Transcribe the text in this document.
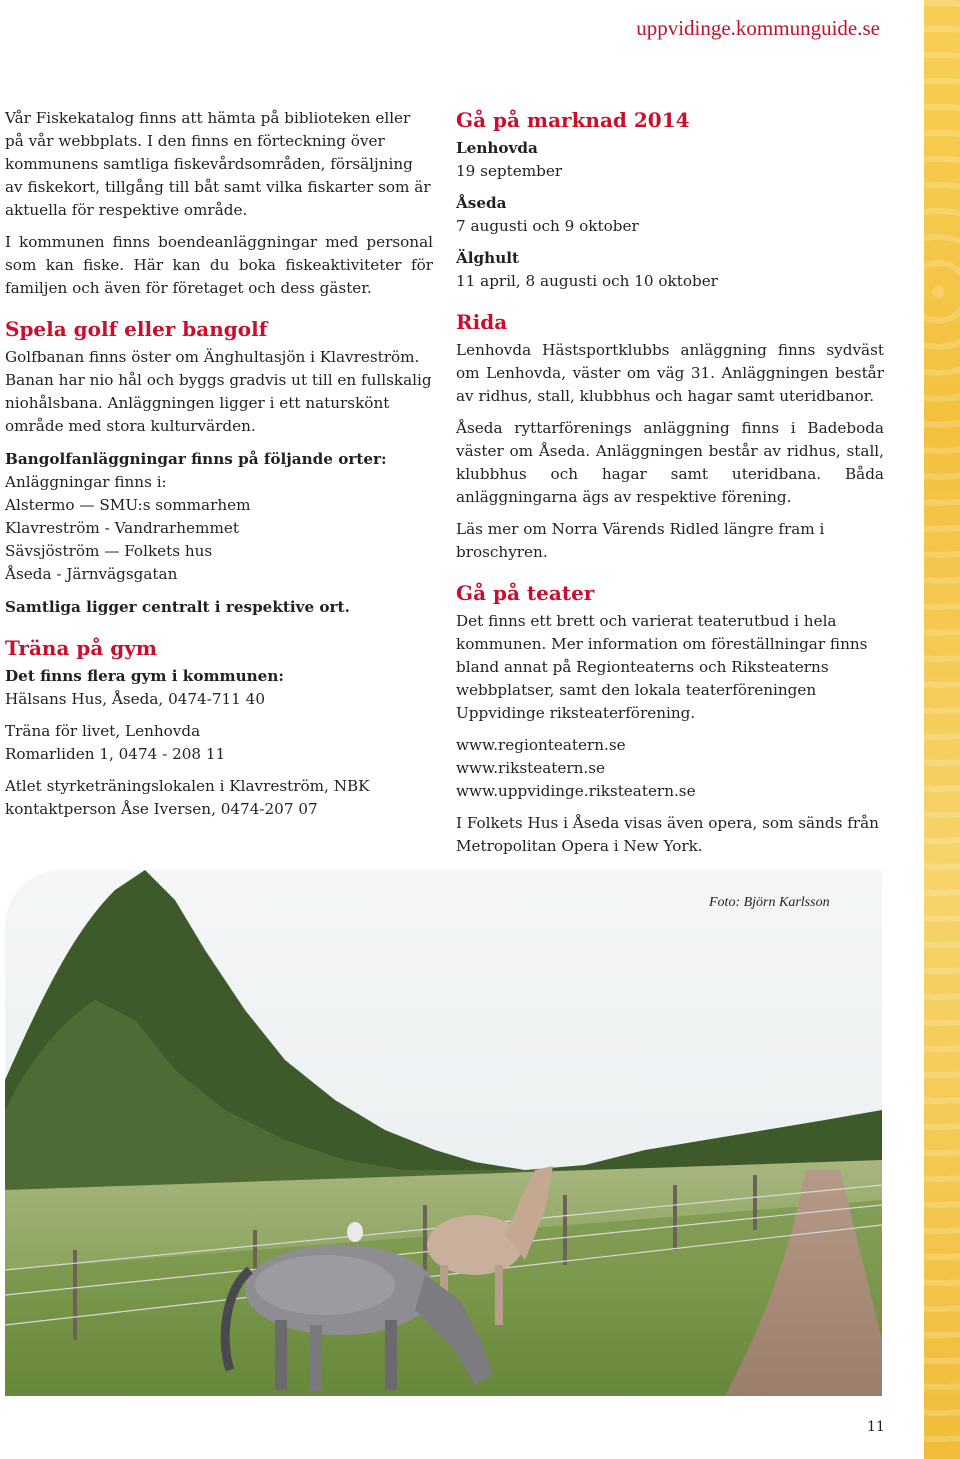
uppvidinge.kommunguide.se

Vår Fiskekatalog finns att hämta på biblioteken eller på vår webbplats. I den finns en förteckning över kommunens samtliga fiskevårdsområden, försäljning av fiskekort, tillgång till båt samt vilka fiskarter som är aktuella för respektive område.

I kommunen finns boendeanläggningar med personal som kan fiske. Här kan du boka fiskeaktiviteter för familjen och även för företaget och dess gäster.

Spela golf eller bangolf

Golfbanan finns öster om Änghultasjön i Klavreström. Banan har nio hål och byggs gradvis ut till en fullskalig niohålsbana. Anläggningen ligger i ett naturskönt område med stora kulturvärden.

Bangolfanläggningar finns på följande orter:
Anläggningar finns i:
Alstermo — SMU:s sommarhem
Klavreström - Vandrarhemmet
Sävsjöström — Folkets hus
Åseda - Järnvägsgatan
Samtliga ligger centralt i respektive ort.
Träna på gym
Det finns flera gym i kommunen:

Hälsans Hus, Åseda, 0474-711 40

Träna för livet, Lenhovda

Romarliden 1, 0474 - 208 11

Atlet styrketräningslokalen i Klavreström, NBK
kontaktperson Åse Iversen, 0474-207 07
Gå på marknad 2014
Lenhovda

19 september

Åseda

7 augusti och 9 oktober

Älghult

11 april, 8 augusti och 10 oktober

Rida

Lenhovda Hästsportklubbs anläggning finns sydväst om Lenhovda, väster om väg 31. Anläggningen består av ridhus, stall, klubbhus och hagar samt uteridbanor.

Åseda ryttarförenings anläggning finns i Badeboda väster om Åseda. Anläggningen består av ridhus, stall, klubbhus och hagar samt uteridbana. Båda anläggningarna ägs av respektive förening.

Läs mer om Norra Värends Ridled längre fram i broschyren.

Gå på teater

Det finns ett brett och varierat teaterutbud i hela kommunen. Mer information om föreställningar finns bland annat på Regionteaterns och Riksteaterns webbplatser, samt den lokala teaterföreningen Uppvidinge riksteaterförening.

www.regionteatern.se
www.riksteatern.se

www.uppvidinge.riksteatern.se

I Folkets Hus i Åseda visas även opera, som sänds från Metropolitan Opera i New York.

Foto: Björn Karlsson
11
